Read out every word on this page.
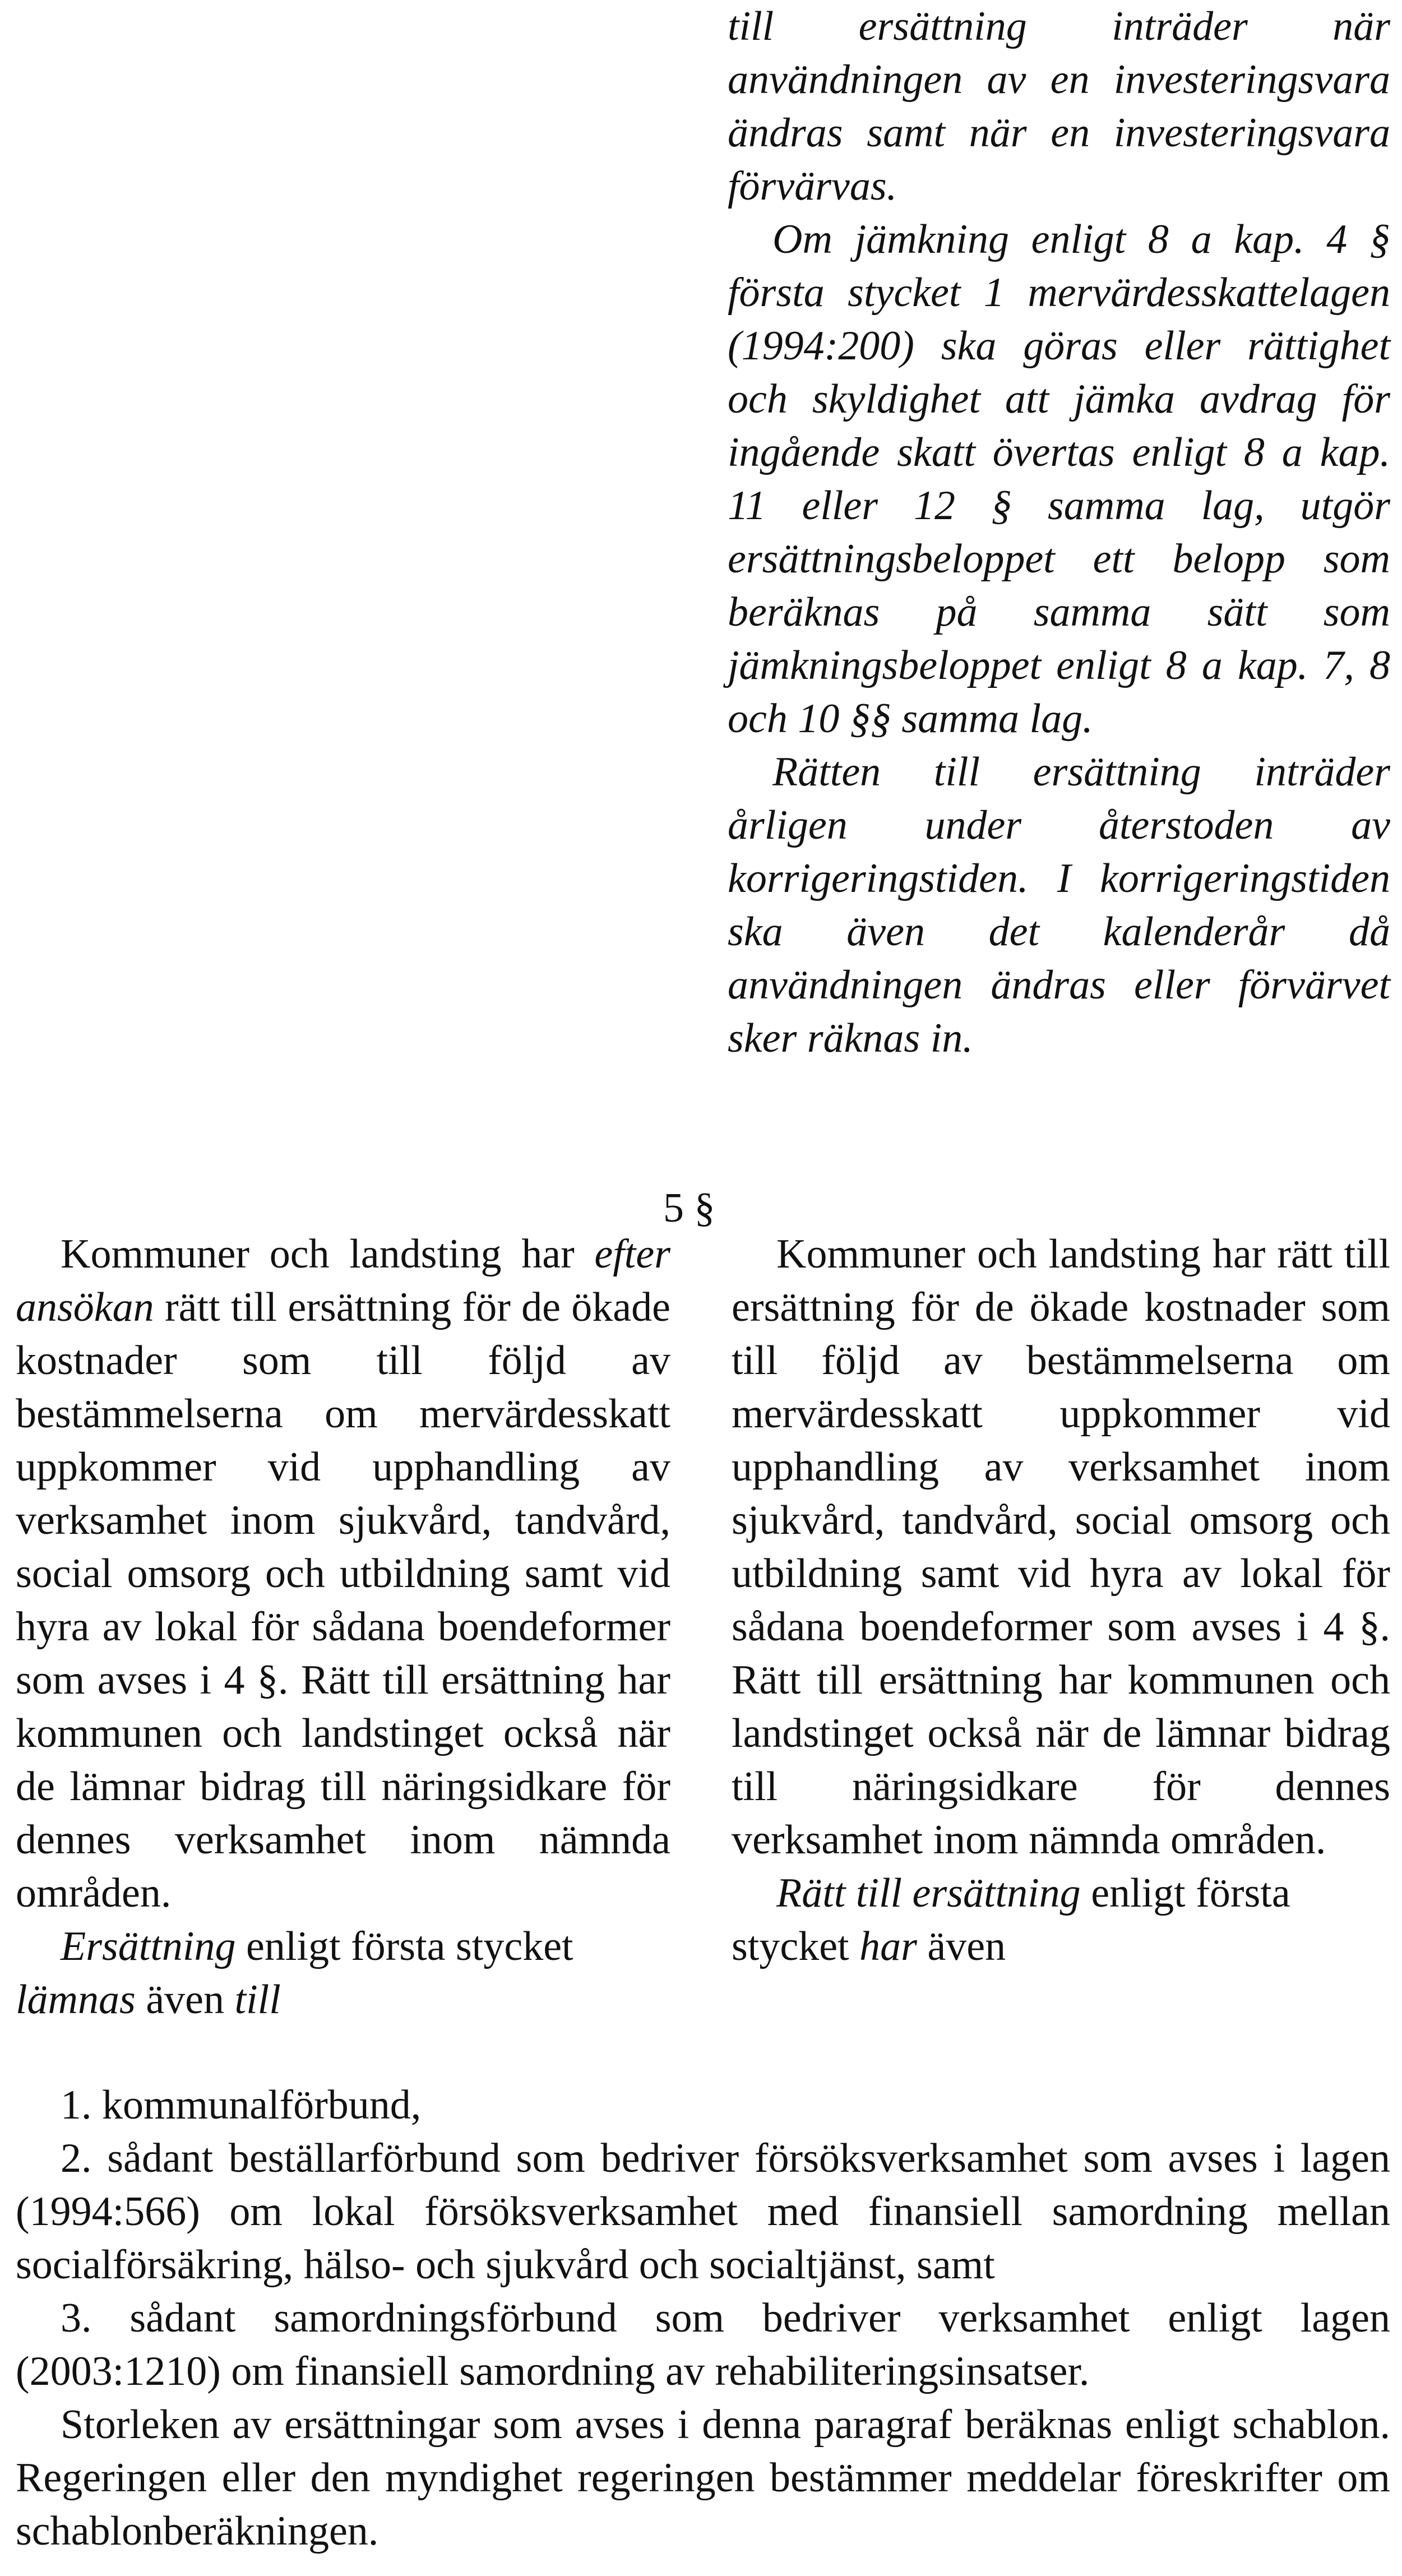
till ersättning inträder när användningen av en investeringsvara ändras samt när en investeringsvara förvärvas.

Om jämkning enligt 8 a kap. 4 § första stycket 1 mervärdesskattelagen (1994:200) ska göras eller rättighet och skyldighet att jämka avdrag för ingående skatt övertas enligt 8 a kap. 11 eller 12 § samma lag, utgör ersättningsbeloppet ett belopp som beräknas på samma sätt som jämkningsbeloppet enligt 8 a kap. 7, 8 och 10 §§ samma lag.

Rätten till ersättning inträder årligen under återstoden av korrigeringstiden. I korrigeringstiden ska även det kalenderår då användningen ändras eller förvärvet sker räknas in.

5 §

Kommuner och landsting har efter ansökan rätt till ersättning för de ökade kostnader som till följd av bestämmelserna om mervärdesskatt uppkommer vid upphandling av verksamhet inom sjukvård, tandvård, social omsorg och utbildning samt vid hyra av lokal för sådana boendeformer som avses i 4 §. Rätt till ersättning har kommunen och landstinget också när de lämnar bidrag till näringsidkare för dennes verksamhet inom nämnda områden.

Ersättning enligt första stycket lämnas även till

Kommuner och landsting har rätt till ersättning för de ökade kostnader som till följd av bestämmelserna om mervärdesskatt uppkommer vid upphandling av verksamhet inom sjukvård, tandvård, social omsorg och utbildning samt vid hyra av lokal för sådana boendeformer som avses i 4 §. Rätt till ersättning har kommunen och landstinget också när de lämnar bidrag till näringsidkare för dennes verksamhet inom nämnda områden.

Rätt till ersättning enligt första stycket har även

1. kommunalförbund,

2. sådant beställarförbund som bedriver försöksverksamhet som avses i lagen (1994:566) om lokal försöksverksamhet med finansiell samordning mellan socialförsäkring, hälso- och sjukvård och socialtjänst, samt

3. sådant samordningsförbund som bedriver verksamhet enligt lagen (2003:1210) om finansiell samordning av rehabiliteringsinsatser.

Storleken av ersättningar som avses i denna paragraf beräknas enligt schablon. Regeringen eller den myndighet regeringen bestämmer meddelar föreskrifter om schablonberäkningen.
